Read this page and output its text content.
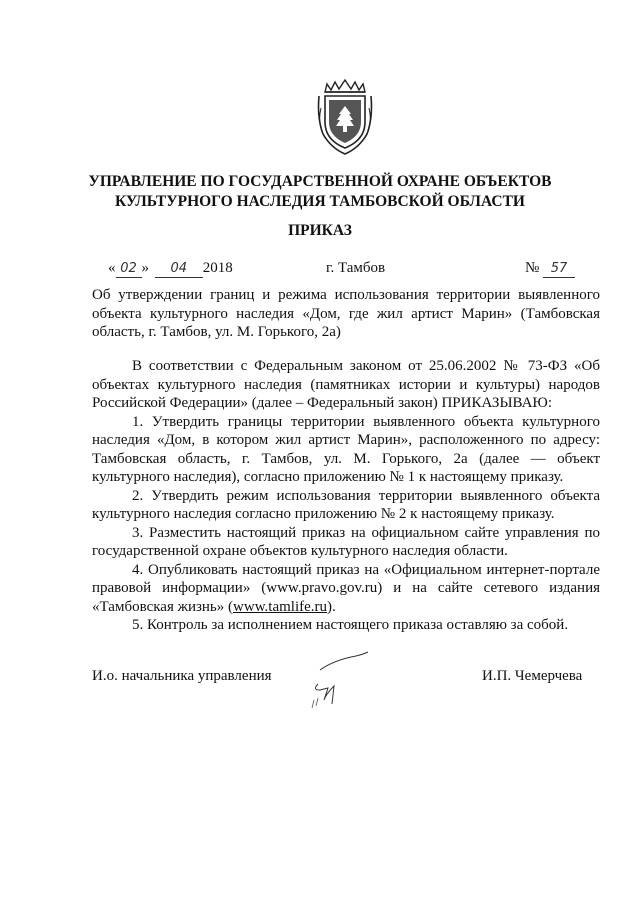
УПРАВЛЕНИЕ ПО ГОСУДАРСТВЕННОЙ ОХРАНЕ ОБЪЕКТОВ
КУЛЬТУРНОГО НАСЛЕДИЯ ТАМБОВСКОЙ ОБЛАСТИ
ПРИКАЗ
« 02 » 04 2018	г. Тамбов	№ 57
Об утверждении границ и режима использования территории выявленного объекта культурного наследия «Дом, где жил артист Марин» (Тамбовская область, г. Тамбов, ул. М. Горького, 2а)

В соответствии с Федеральным законом от 25.06.2002 № 73-ФЗ «Об объектах культурного наследия (памятниках истории и культуры) народов Российской Федерации» (далее – Федеральный закон) ПРИКАЗЫВАЮ:

1. Утвердить границы территории выявленного объекта культурного наследия «Дом, в котором жил артист Марин», расположенного по адресу: Тамбовская область, г. Тамбов, ул. М. Горького, 2а (далее — объект культурного наследия), согласно приложению № 1 к настоящему приказу.

2. Утвердить режим использования территории выявленного объекта культурного наследия согласно приложению № 2 к настоящему приказу.

3. Разместить настоящий приказ на официальном сайте управления по государственной охране объектов культурного наследия области.

4. Опубликовать настоящий приказ на «Официальном интернет-портале правовой информации» (www.pravo.gov.ru) и на сайте сетевого издания «Тамбовская жизнь» (www.tamlife.ru).

5. Контроль за исполнением настоящего приказа оставляю за собой.

И.о. начальника управления	И.П. Чемерчева
